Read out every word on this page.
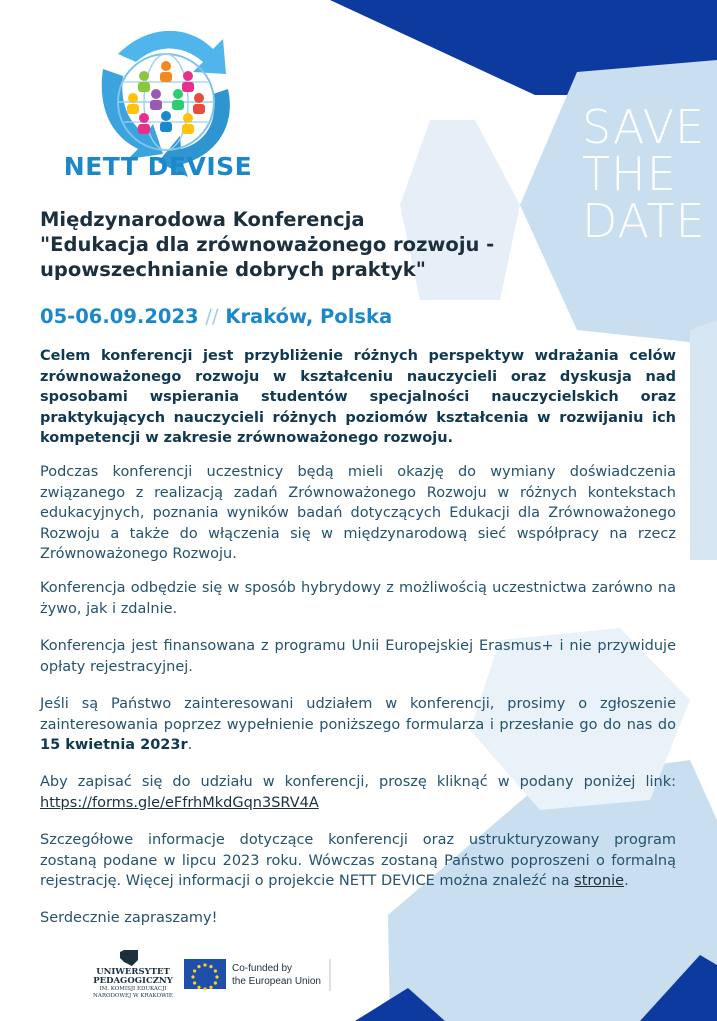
NETT DEVISE
SAVE
THE
DATE
Międzynarodowa Konferencja
"Edukacja dla zrównoważonego rozwoju -
upowszechnianie dobrych praktyk"
05-06.09.2023 // Kraków, Polska

Celem konferencji jest przybliżenie różnych perspektyw wdrażania celów zrównoważonego rozwoju w kształceniu nauczycieli oraz dyskusja nad sposobami wspierania studentów specjalności nauczycielskich oraz praktykujących nauczycieli różnych poziomów kształcenia w rozwijaniu ich kompetencji w zakresie zrównoważonego rozwoju.

Podczas konferencji uczestnicy będą mieli okazję do wymiany doświadczenia związanego z realizacją zadań Zrównoważonego Rozwoju w różnych kontekstach edukacyjnych, poznania wyników badań dotyczących Edukacji dla Zrównoważonego Rozwoju a także do włączenia się w międzynarodową sieć współpracy na rzecz Zrównoważonego Rozwoju.

Konferencja odbędzie się w sposób hybrydowy z możliwością uczestnictwa zarówno na żywo, jak i zdalnie.

Konferencja jest finansowana z programu Unii Europejskiej Erasmus+ i nie przywiduje opłaty rejestracyjnej.

Jeśli są Państwo zainteresowani udziałem w konferencji, prosimy o zgłoszenie zainteresowania poprzez wypełnienie poniższego formularza i przesłanie go do nas do 15 kwietnia 2023r.

Aby zapisać się do udziału w konferencji, proszę kliknąć w podany poniżej link: https://forms.gle/eFfrhMkdGqn3SRV4A

Szczegółowe informacje dotyczące konferencji oraz ustrukturyzowany program zostaną podane w lipcu 2023 roku. Wówczas zostaną Państwo poproszeni o formalną rejestrację. Więcej informacji o projekcie NETT DEVICE można znaleźć na stronie.

Serdecznie zapraszamy!

UNIWERSYTET
PEDAGOGICZNY
IM. KOMISJI EDUKACJI
NARODOWEJ W KRAKOWIE
Co-funded by
the European Union
